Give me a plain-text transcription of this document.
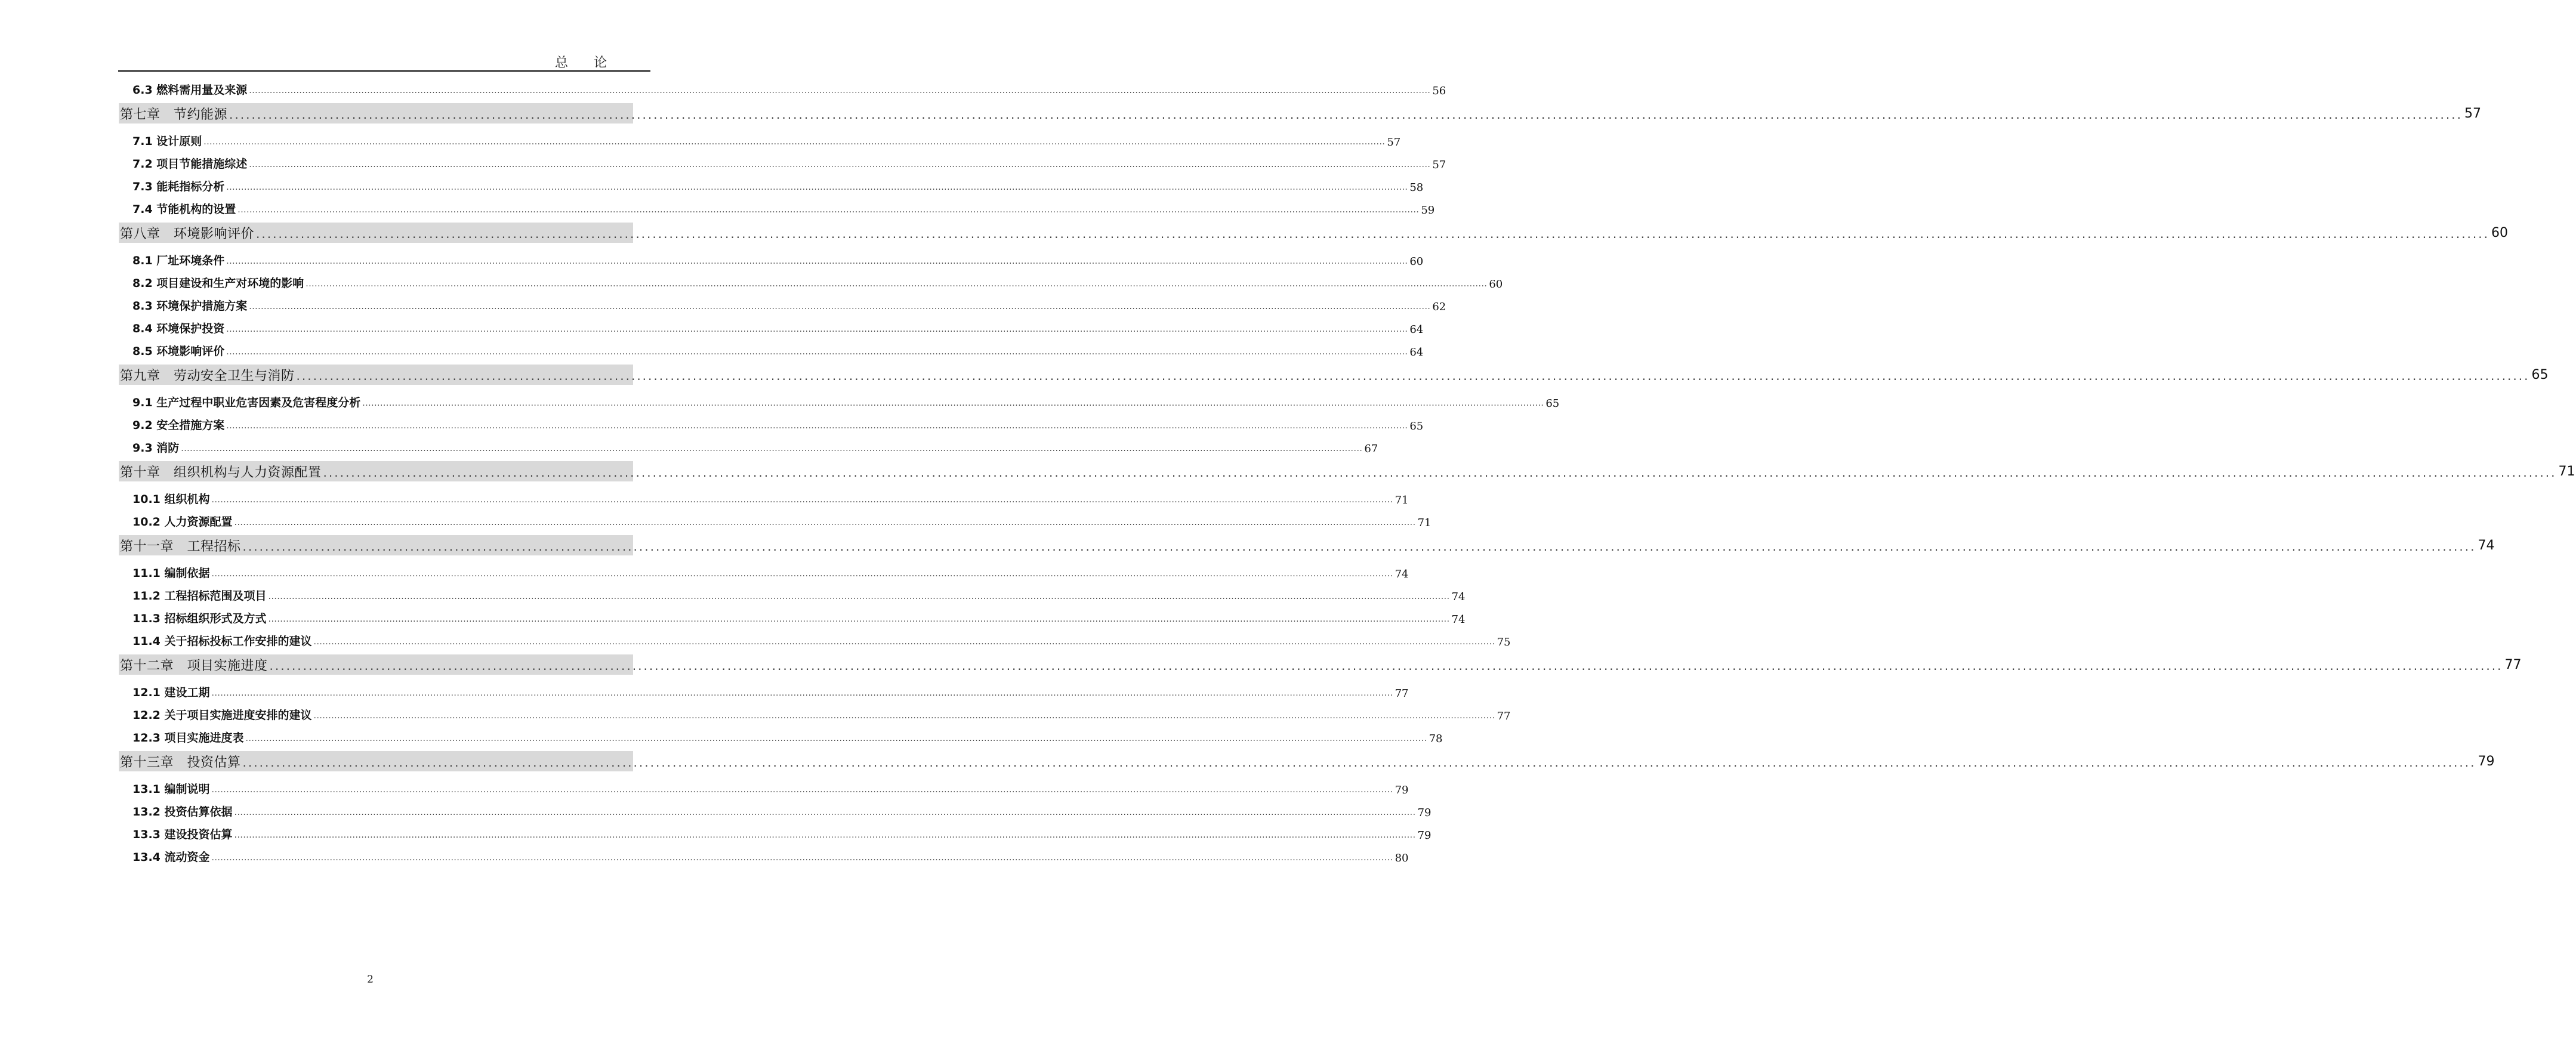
总 论
6.3 燃料需用量及来源 ................................................................................................................................................................................................................................................................................................................................................................................................................ 56
第七章　节约能源 ................................................................................................................................................................................................................................................................................................................................................................................................................ 57
7.1 设计原则 ................................................................................................................................................................................................................................................................................................................................................................................................................ 57
7.2 项目节能措施综述 ................................................................................................................................................................................................................................................................................................................................................................................................................ 57
7.3 能耗指标分析 ................................................................................................................................................................................................................................................................................................................................................................................................................ 58
7.4 节能机构的设置 ................................................................................................................................................................................................................................................................................................................................................................................................................ 59
第八章　环境影响评价 ................................................................................................................................................................................................................................................................................................................................................................................................................ 60
8.1 厂址环境条件 ................................................................................................................................................................................................................................................................................................................................................................................................................ 60
8.2 项目建设和生产对环境的影响 ................................................................................................................................................................................................................................................................................................................................................................................................................ 60
8.3 环境保护措施方案 ................................................................................................................................................................................................................................................................................................................................................................................................................ 62
8.4 环境保护投资 ................................................................................................................................................................................................................................................................................................................................................................................................................ 64
8.5 环境影响评价 ................................................................................................................................................................................................................................................................................................................................................................................................................ 64
第九章　劳动安全卫生与消防 ................................................................................................................................................................................................................................................................................................................................................................................................................ 65
9.1 生产过程中职业危害因素及危害程度分析 ................................................................................................................................................................................................................................................................................................................................................................................................................ 65
9.2 安全措施方案 ................................................................................................................................................................................................................................................................................................................................................................................................................ 65
9.3 消防 ................................................................................................................................................................................................................................................................................................................................................................................................................ 67
第十章　组织机构与人力资源配置 ................................................................................................................................................................................................................................................................................................................................................................................................................ 71
10.1 组织机构 ................................................................................................................................................................................................................................................................................................................................................................................................................ 71
10.2 人力资源配置 ................................................................................................................................................................................................................................................................................................................................................................................................................ 71
第十一章　工程招标 ................................................................................................................................................................................................................................................................................................................................................................................................................ 74
11.1 编制依据 ................................................................................................................................................................................................................................................................................................................................................................................................................ 74
11.2 工程招标范围及项目 ................................................................................................................................................................................................................................................................................................................................................................................................................ 74
11.3 招标组织形式及方式 ................................................................................................................................................................................................................................................................................................................................................................................................................ 74
11.4 关于招标投标工作安排的建议 ................................................................................................................................................................................................................................................................................................................................................................................................................ 75
第十二章　项目实施进度 ................................................................................................................................................................................................................................................................................................................................................................................................................ 77
12.1 建设工期 ................................................................................................................................................................................................................................................................................................................................................................................................................ 77
12.2 关于项目实施进度安排的建议 ................................................................................................................................................................................................................................................................................................................................................................................................................ 77
12.3 项目实施进度表 ................................................................................................................................................................................................................................................................................................................................................................................................................ 78
第十三章　投资估算 ................................................................................................................................................................................................................................................................................................................................................................................................................ 79
13.1 编制说明 ................................................................................................................................................................................................................................................................................................................................................................................................................ 79
13.2 投资估算依据 ................................................................................................................................................................................................................................................................................................................................................................................................................ 79
13.3 建设投资估算 ................................................................................................................................................................................................................................................................................................................................................................................................................ 79
13.4 流动资金 ................................................................................................................................................................................................................................................................................................................................................................................................................ 80
2
